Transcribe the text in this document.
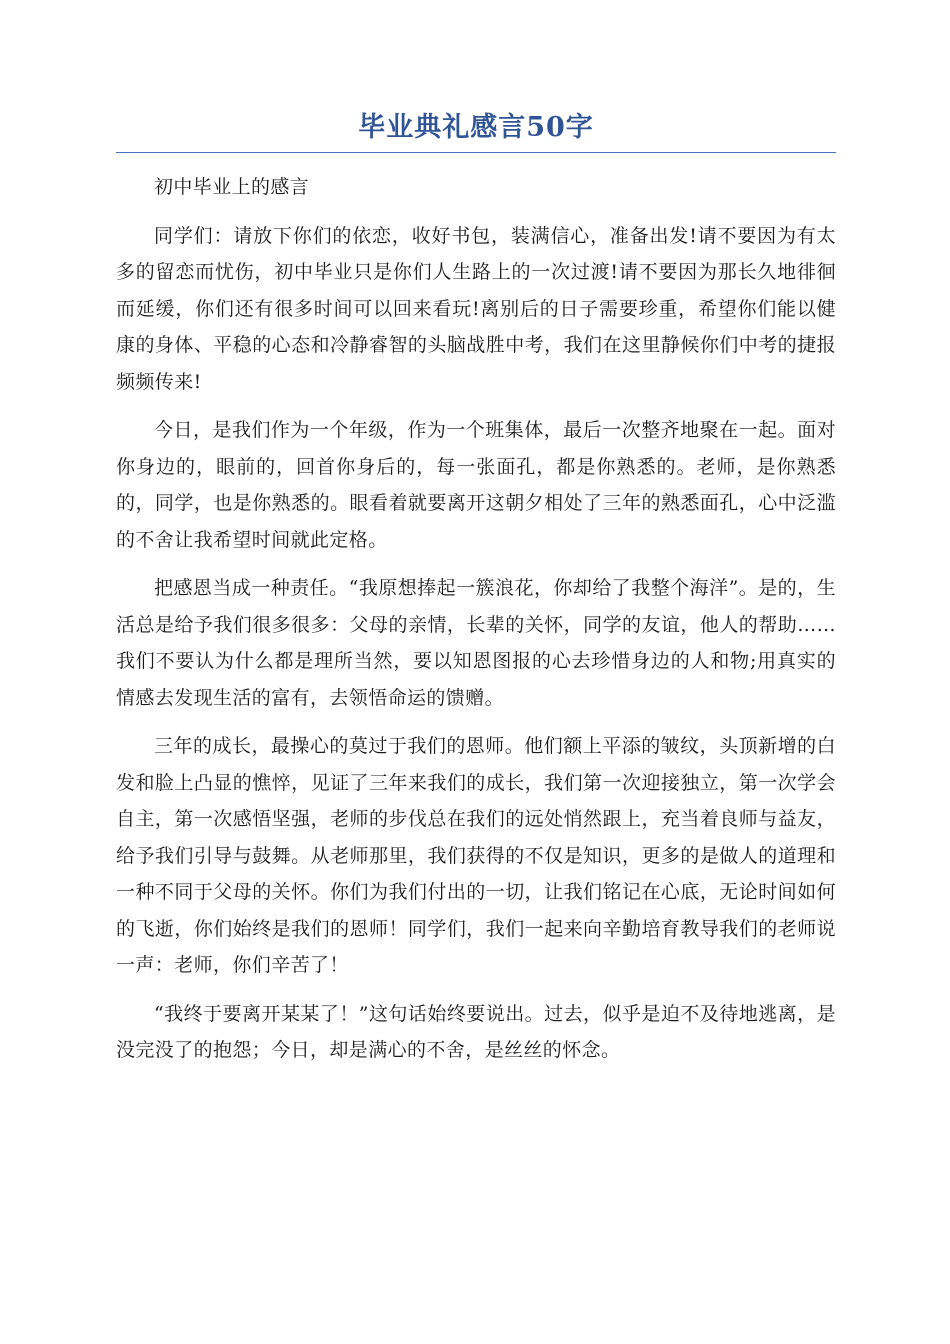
毕业典礼感言50字

初中毕业上的感言

同学们：请放下你们的依恋，收好书包，装满信心，准备出发!请不要因为有太多的留恋而忧伤，初中毕业只是你们人生路上的一次过渡!请不要因为那长久地徘徊而延缓，你们还有很多时间可以回来看玩!离别后的日子需要珍重，希望你们能以健康的身体、平稳的心态和冷静睿智的头脑战胜中考，我们在这里静候你们中考的捷报频频传来!

今日，是我们作为一个年级，作为一个班集体，最后一次整齐地聚在一起。面对你身边的，眼前的，回首你身后的，每一张面孔，都是你熟悉的。老师，是你熟悉的，同学，也是你熟悉的。眼看着就要离开这朝夕相处了三年的熟悉面孔，心中泛滥的不舍让我希望时间就此定格。

把感恩当成一种责任。“我原想捧起一簇浪花，你却给了我整个海洋”。是的，生活总是给予我们很多很多：父母的亲情，长辈的关怀，同学的友谊，他人的帮助……我们不要认为什么都是理所当然，要以知恩图报的心去珍惜身边的人和物;用真实的情感去发现生活的富有，去领悟命运的馈赠。

三年的成长，最操心的莫过于我们的恩师。他们额上平添的皱纹，头顶新增的白发和脸上凸显的憔悴，见证了三年来我们的成长，我们第一次迎接独立，第一次学会自主，第一次感悟坚强，老师的步伐总在我们的远处悄然跟上，充当着良师与益友，给予我们引导与鼓舞。从老师那里，我们获得的不仅是知识，更多的是做人的道理和一种不同于父母的关怀。你们为我们付出的一切，让我们铭记在心底，无论时间如何的飞逝，你们始终是我们的恩师！同学们，我们一起来向辛勤培育教导我们的老师说一声：老师，你们辛苦了！

“我终于要离开某某了！”这句话始终要说出。过去，似乎是迫不及待地逃离，是没完没了的抱怨；今日，却是满心的不舍，是丝丝的怀念。
